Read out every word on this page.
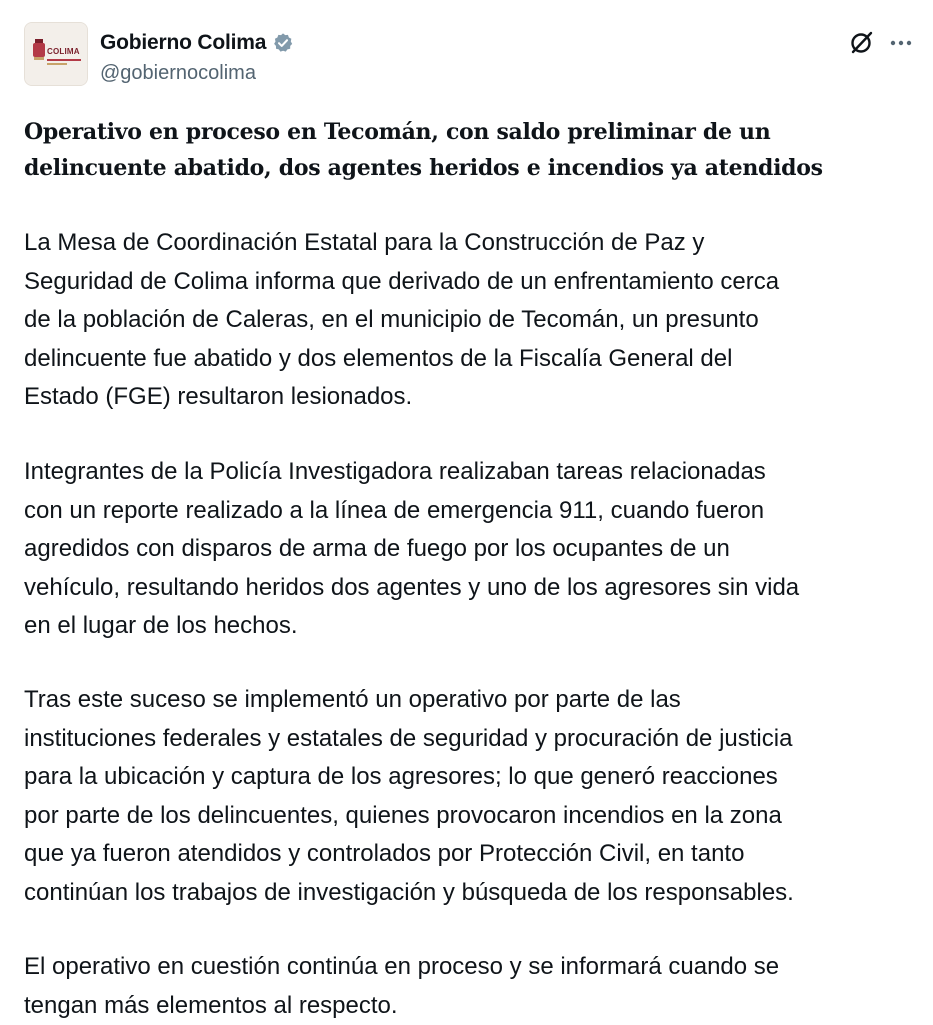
COLIMA Gobierno Colima
@gobiernocolima
Operativo en proceso en Tecomán, con saldo preliminar de un
delincuente abatido, dos agentes heridos e incendios ya atendidos
La Mesa de Coordinación Estatal para la Construcción de Paz y
Seguridad de Colima informa que derivado de un enfrentamiento cerca
de la población de Caleras, en el municipio de Tecomán, un presunto
delincuente fue abatido y dos elementos de la Fiscalía General del
Estado (FGE) resultaron lesionados.
Integrantes de la Policía Investigadora realizaban tareas relacionadas
con un reporte realizado a la línea de emergencia 911, cuando fueron
agredidos con disparos de arma de fuego por los ocupantes de un
vehículo, resultando heridos dos agentes y uno de los agresores sin vida
en el lugar de los hechos.
Tras este suceso se implementó un operativo por parte de las
instituciones federales y estatales de seguridad y procuración de justicia
para la ubicación y captura de los agresores; lo que generó reacciones
por parte de los delincuentes, quienes provocaron incendios en la zona
que ya fueron atendidos y controlados por Protección Civil, en tanto
continúan los trabajos de investigación y búsqueda de los responsables.
El operativo en cuestión continúa en proceso y se informará cuando se
tengan más elementos al respecto.
